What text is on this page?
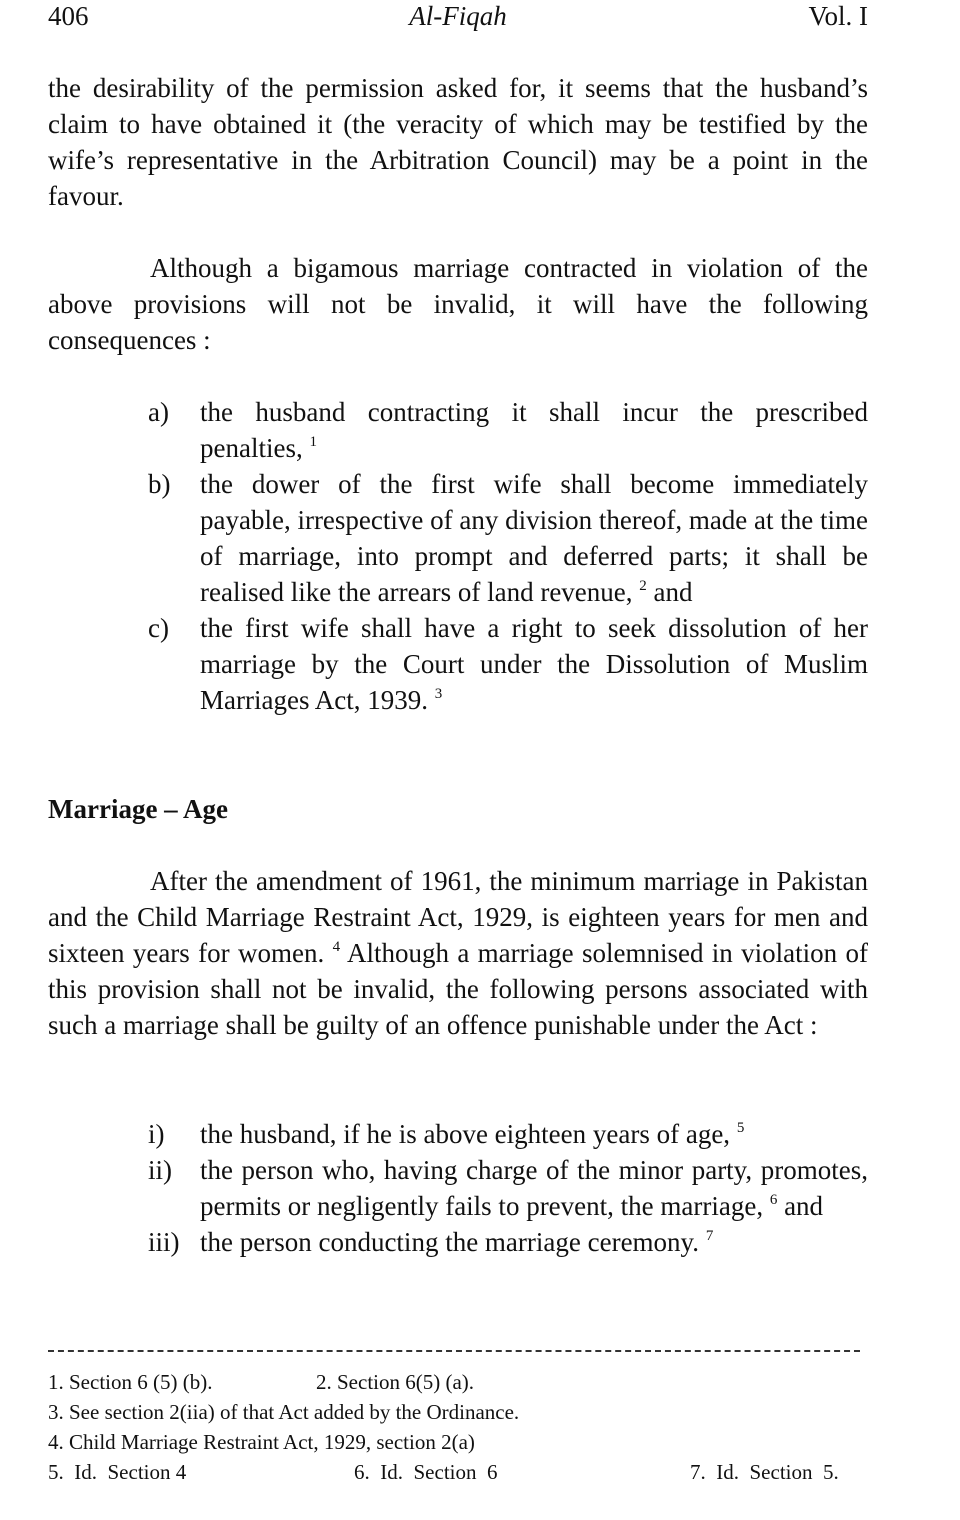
406	Al-Fiqah	Vol. I

the desirability of the permission asked for, it seems that the husband’s claim to have obtained it (the veracity of which may be testified by the wife’s representative in the Arbitration Council) may be a point in the favour.

Although a bigamous marriage contracted in violation of the above provisions will not be invalid, it will have the following consequences :

a) the husband contracting it shall incur the prescribed penalties, $^1$
b) the dower of the first wife shall become immediately payable, irrespective of any division thereof, made at the time of marriage, into prompt and deferred parts; it shall be realised like the arrears of land revenue, $^2$ and
c) the first wife shall have a right to seek dissolution of her marriage by the Court under the Dissolution of Muslim Marriages Act, 1939. $^3$
Marriage – Age

After the amendment of 1961, the minimum marriage in Pakistan and the Child Marriage Restraint Act, 1929, is eighteen years for men and sixteen years for women. $^4$ Although a marriage solemnised in violation of this provision shall not be invalid, the following persons associated with such a marriage shall be guilty of an offence punishable under the Act :

i)	the husband, if he is above eighteen years of age, $^5$
ii)	the person who, having charge of the minor party, promotes, permits or negligently fails to prevent, the marriage, $^6$ and
iii) the person conducting the marriage ceremony. $^7$
1. Section 6 (5) (b).	2. Section 6(5) (a).
3. See section 2(iia) of that Act added by the Ordinance.
4. Child Marriage Restraint Act, 1929, section 2(a)
5.  Id.  Section 4	6.  Id.  Section  6	7.  Id.  Section  5.
